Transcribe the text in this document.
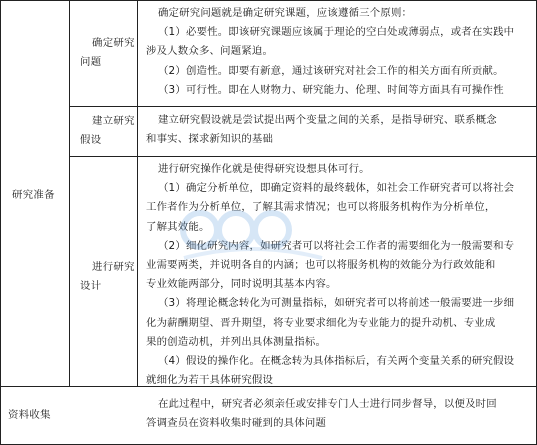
研究准备
资料收集
确定研究
问题
建立研究
假设
进行研究
设计
确定研究问题就是确定研究课题，应该遵循三个原则：
（1）必要性。即该研究课题应该属于理论的空白处或薄弱点，或者在实践中
涉及人数众多、问题紧迫。
（2）创造性。即要有新意，通过该研究对社会工作的相关方面有所贡献。
（3）可行性。即在人财物力、研究能力、伦理、时间等方面具有可操作性
建立研究假设就是尝试提出两个变量之间的关系，是指导研究、联系概念
和事实、探求新知识的基础
进行研究操作化就是使得研究设想具体可行。
（1）确定分析单位，即确定资料的最终载体，如社会工作研究者可以将社会
工作者作为分析单位，了解其需求情况；也可以将服务机构作为分析单位，
了解其效能。
（2）细化研究内容，如研究者可以将社会工作者的需要细化为一般需要和专
业需要两类，并说明各自的内涵；也可以将服务机构的效能分为行政效能和
专业效能两部分，同时说明其基本内容。
（3）将理论概念转化为可测量指标，如研究者可以将前述一般需要进一步细
化为薪酬期望、晋升期望，将专业要求细化为专业能力的提升动机、专业成
果的创造动机，并列出具体测量指标。
（4）假设的操作化。在概念转为具体指标后，有关两个变量关系的研究假设
就细化为若干具体研究假设
在此过程中，研究者必须亲任或安排专门人士进行同步督导，以便及时回
答调查员在资料收集时碰到的具体问题
